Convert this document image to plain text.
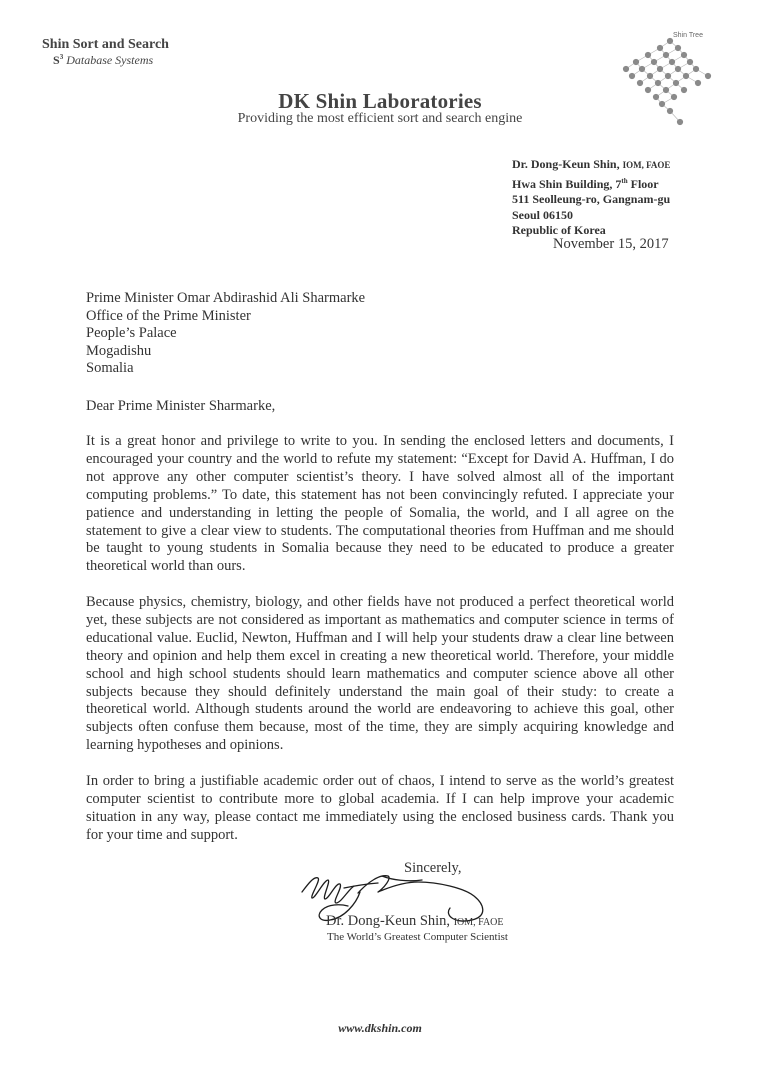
Shin Sort and Search
$S^3$ Database Systems
Shin Tree
DK Shin Laboratories
Providing the most efficient sort and search engine
Dr. Dong-Keun Shin, IOM, FAOE
Hwa Shin Building, 7th Floor
511 Seolleung-ro, Gangnam-gu
Seoul 06150
Republic of Korea
November 15, 2017
Prime Minister Omar Abdirashid Ali Sharmarke
Office of the Prime Minister
People’s Palace
Mogadishu
Somalia
Dear Prime Minister Sharmarke,
It is a great honor and privilege to write to you. In sending the enclosed letters and documents, I encouraged your country and the world to refute my statement: “Except for David A. Huffman, I do not approve any other computer scientist’s theory. I have solved almost all of the important computing problems.” To date, this statement has not been convincingly refuted. I appreciate your patience and understanding in letting the people of Somalia, the world, and I all agree on the statement to give a clear view to students. The computational theories from Huffman and me should be taught to young students in Somalia because they need to be educated to produce a greater theoretical world than ours.
Because physics, chemistry, biology, and other fields have not produced a perfect theoretical world yet, these subjects are not considered as important as mathematics and computer science in terms of educational value. Euclid, Newton, Huffman and I will help your students draw a clear line between theory and opinion and help them excel in creating a new theoretical world. Therefore, your middle school and high school students should learn mathematics and computer science above all other subjects because they should definitely understand the main goal of their study: to create a theoretical world. Although students around the world are endeavoring to achieve this goal, other subjects often confuse them because, most of the time, they are simply acquiring knowledge and learning hypotheses and opinions.
In order to bring a justifiable academic order out of chaos, I intend to serve as the world’s greatest computer scientist to contribute more to global academia. If I can help improve your academic situation in any way, please contact me immediately using the enclosed business cards. Thank you for your time and support.
Sincerely,
Dr. Dong-Keun Shin, IOM, FAOE
The World’s Greatest Computer Scientist
www.dkshin.com
